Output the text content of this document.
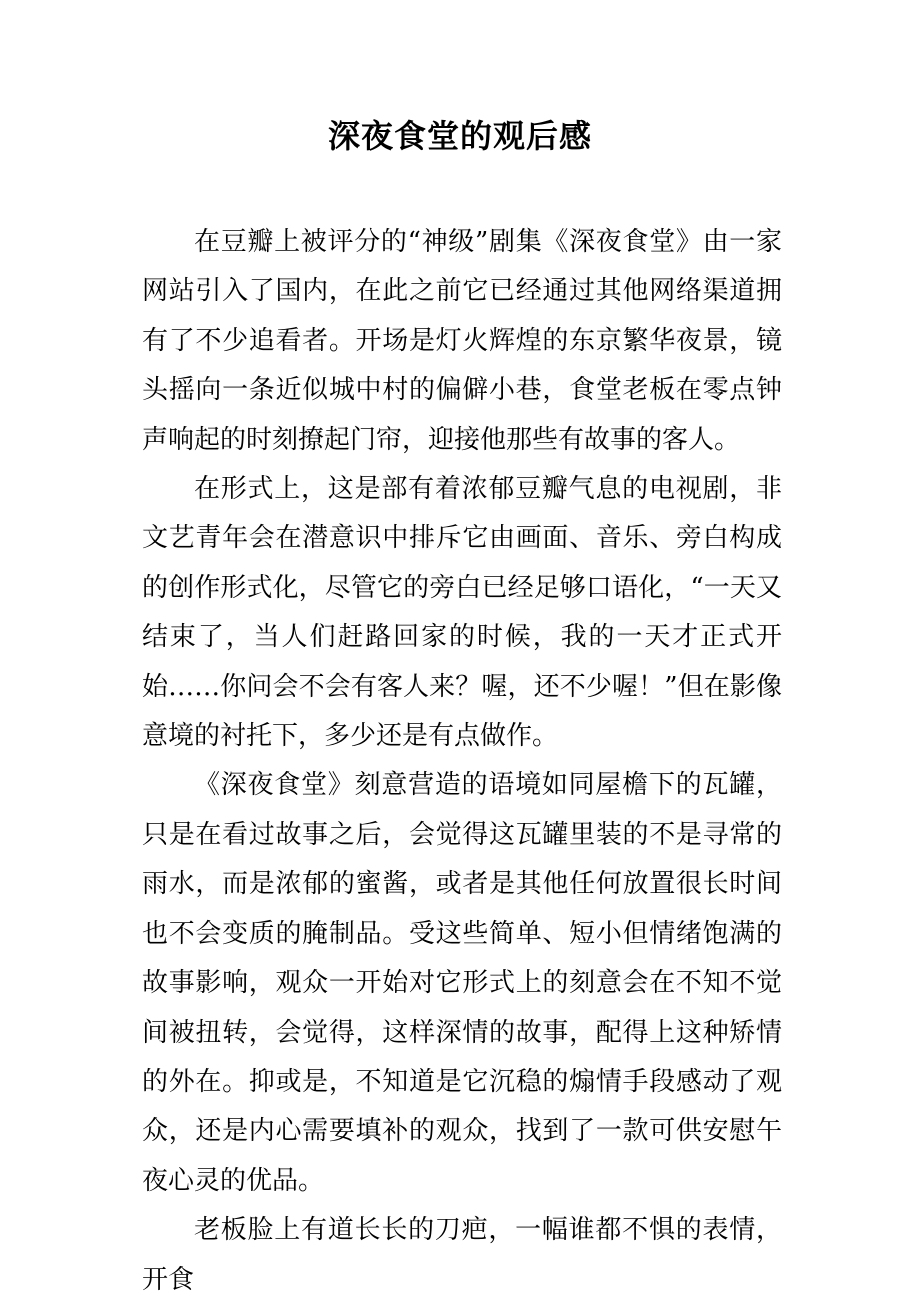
深夜食堂的观后感

在豆瓣上被评分的“神级”剧集《深夜食堂》由一家网站引入了国内，在此之前它已经通过其他网络渠道拥有了不少追看者。开场是灯火辉煌的东京繁华夜景，镜头摇向一条近似城中村的偏僻小巷，食堂老板在零点钟声响起的时刻撩起门帘，迎接他那些有故事的客人。

在形式上，这是部有着浓郁豆瓣气息的电视剧，非文艺青年会在潜意识中排斥它由画面、音乐、旁白构成的创作形式化，尽管它的旁白已经足够口语化，“一天又结束了，当人们赶路回家的时候，我的一天才正式开始……你问会不会有客人来？喔，还不少喔！”但在影像意境的衬托下，多少还是有点做作。

《深夜食堂》刻意营造的语境如同屋檐下的瓦罐，只是在看过故事之后，会觉得这瓦罐里装的不是寻常的雨水，而是浓郁的蜜酱，或者是其他任何放置很长时间也不会变质的腌制品。受这些简单、短小但情绪饱满的故事影响，观众一开始对它形式上的刻意会在不知不觉间被扭转，会觉得，这样深情的故事，配得上这种矫情的外在。抑或是，不知道是它沉稳的煽情手段感动了观众，还是内心需要填补的观众，找到了一款可供安慰午夜心灵的优品。

老板脸上有道长长的刀疤，一幅谁都不惧的表情，开食
